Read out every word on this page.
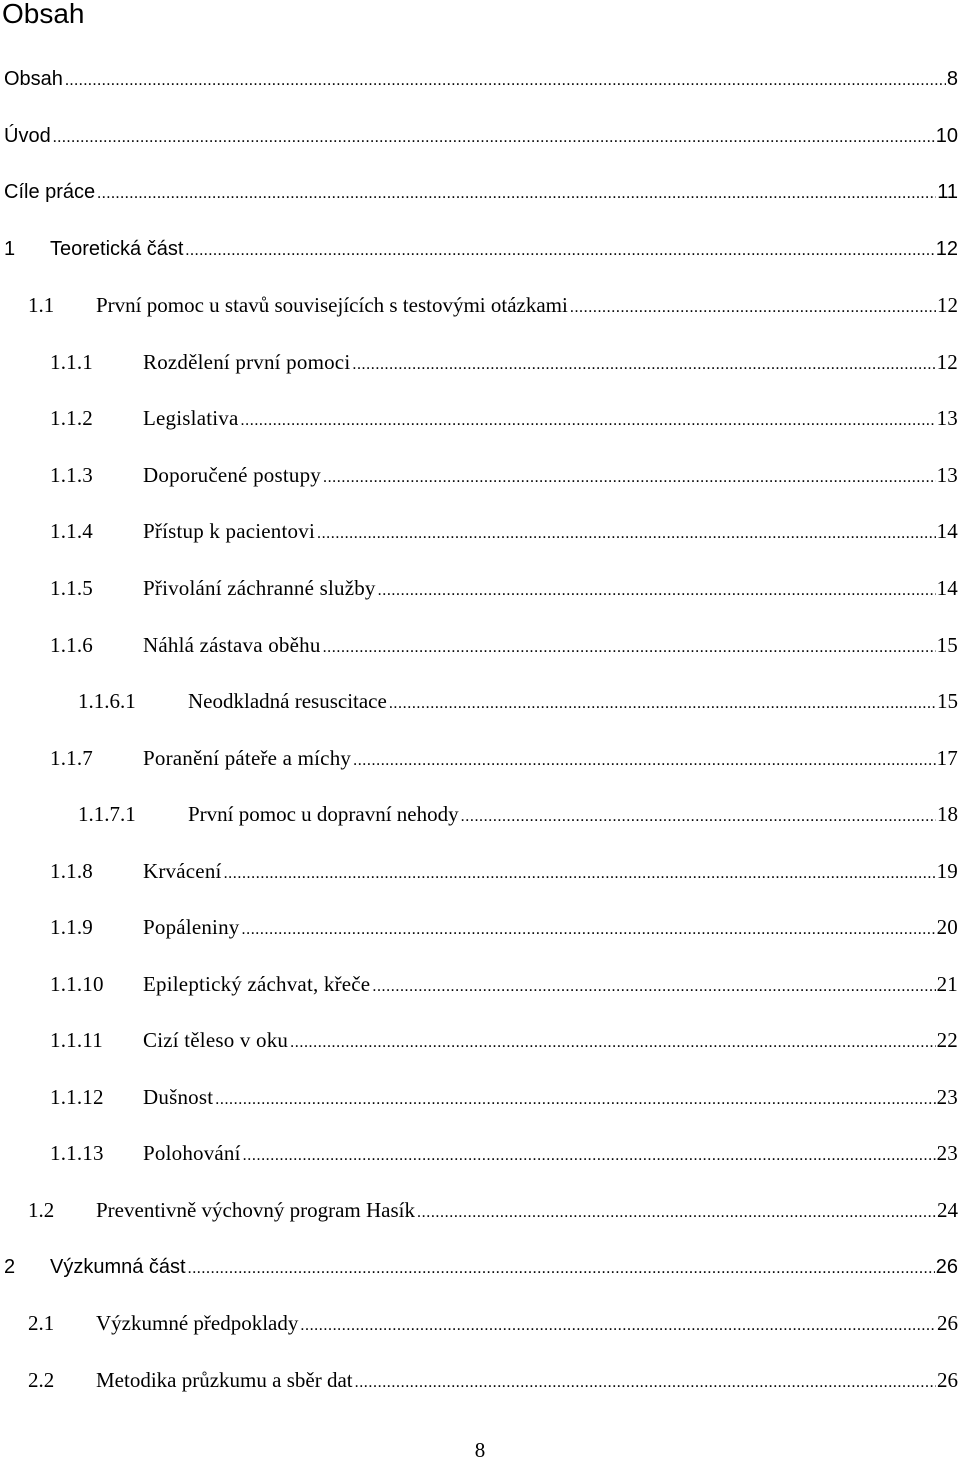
Obsah
Obsah .....	8
Úvod .....	10
Cíle práce .....	11
1	Teoretická část .....	12
1.1	První pomoc u stavů souvisejících s testovými otázkami .....	12
1.1.1	Rozdělení první pomoci .....	12
1.1.2	Legislativa .....	13
1.1.3	Doporučené postupy .....	13
1.1.4	Přístup k pacientovi .....	14
1.1.5	Přivolání záchranné služby .....	14
1.1.6	Náhlá zástava oběhu .....	15
1.1.6.1	Neodkladná resuscitace .....	15
1.1.7	Poranění páteře a míchy .....	17
1.1.7.1	První pomoc u dopravní nehody .....	18
1.1.8	Krvácení .....	19
1.1.9	Popáleniny .....	20
1.1.10	Epileptický záchvat, křeče .....	21
1.1.11	Cizí těleso v oku .....	22
1.1.12	Dušnost .....	23
1.1.13	Polohování .....	23
1.2	Preventivně výchovný program Hasík .....	24
2	Výzkumná část .....	26
2.1	Výzkumné předpoklady .....	26
2.2	Metodika průzkumu a sběr dat .....	26
8
